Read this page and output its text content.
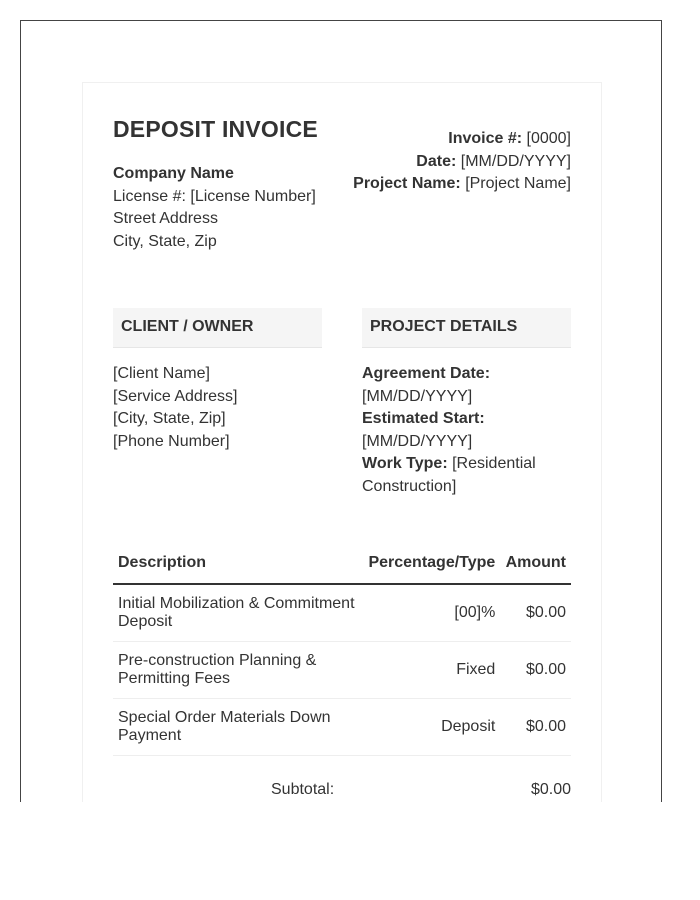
DEPOSIT INVOICE
Company Name
License #: [License Number]
Street Address
City, State, Zip
Invoice #: [0000]
Date: [MM/DD/YYYY]
Project Name: [Project Name]
CLIENT / OWNER	PROJECT DETAILS
[Client Name]
[Service Address]
[City, State, Zip]
[Phone Number]
Agreement Date:
[MM/DD/YYYY]
Estimated Start:
[MM/DD/YYYY]
Work Type: [Residential Construction]
Description	Percentage/Type	Amount
Initial Mobilization & Commitment Deposit	[00]%	$0.00
Pre-construction Planning & Permitting Fees	Fixed	$0.00
Special Order Materials Down Payment	Deposit	$0.00
Subtotal:	$0.00
